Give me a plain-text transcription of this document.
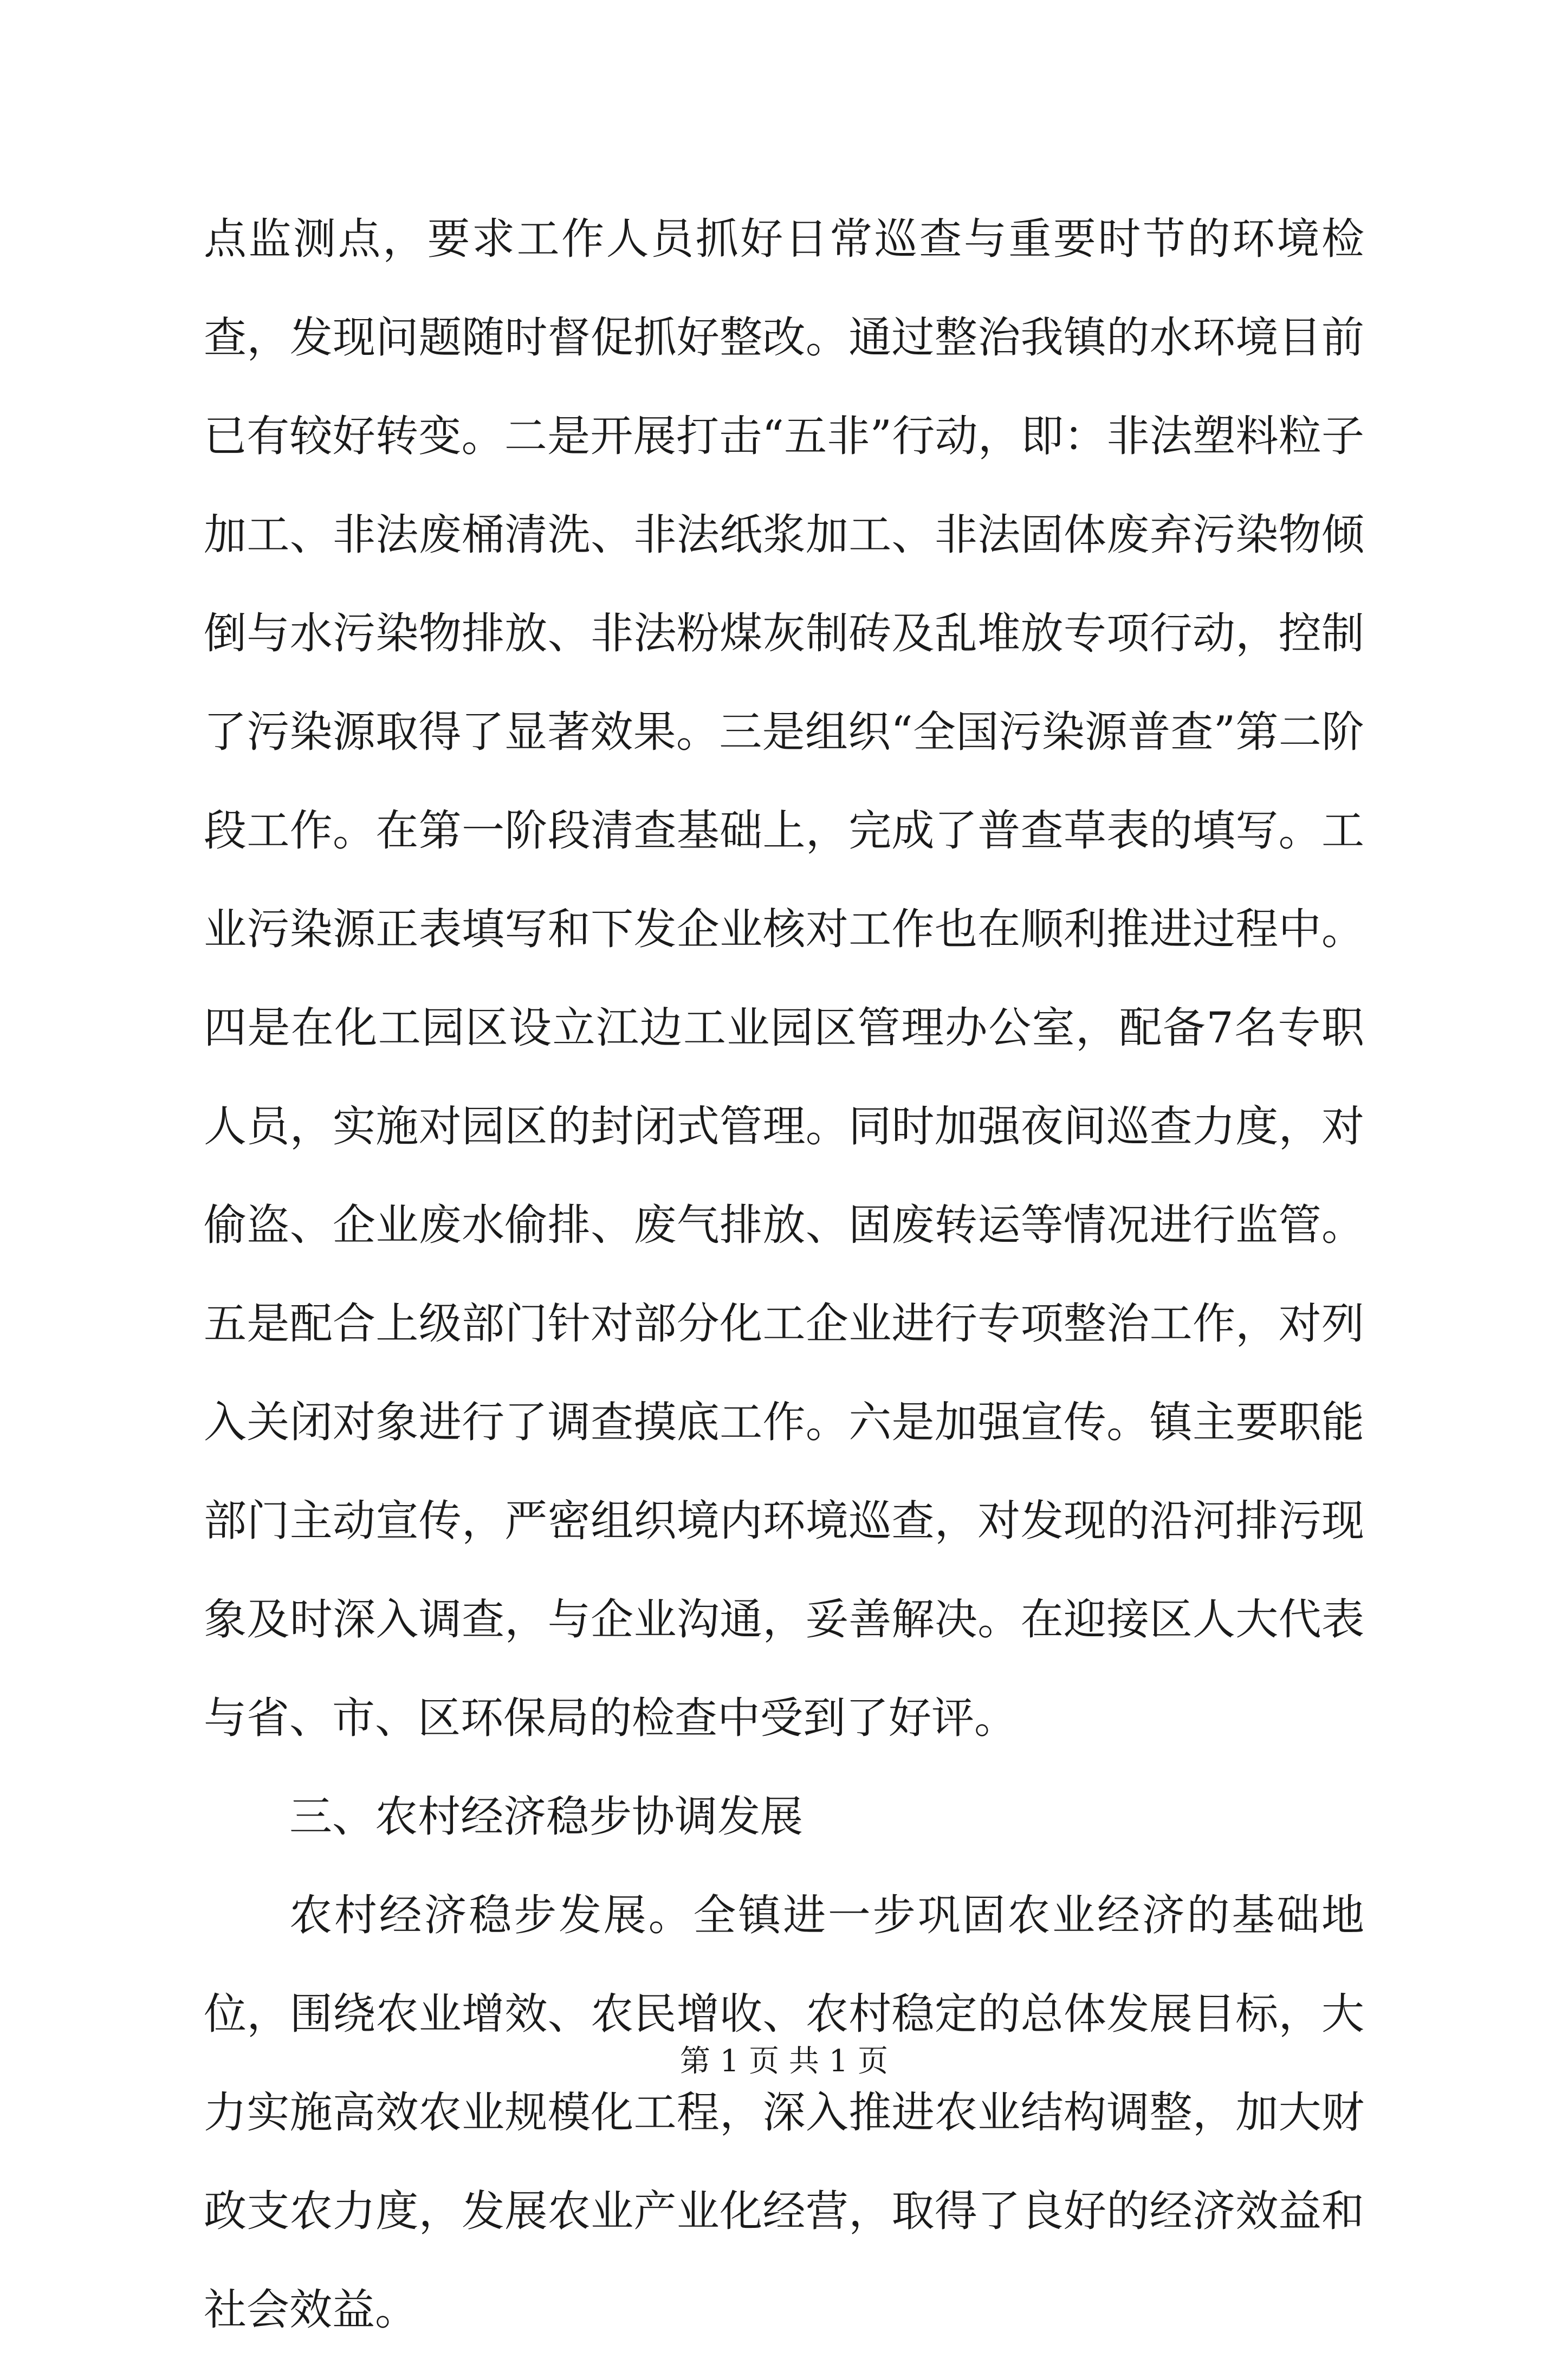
点监测点，要求工作人员抓好日常巡查与重要时节的环境检查，发现问题随时督促抓好整改。通过整治我镇的水环境目前已有较好转变。二是开展打击“五非”行动，即：非法塑料粒子加工、非法废桶清洗、非法纸浆加工、非法固体废弃污染物倾倒与水污染物排放、非法粉煤灰制砖及乱堆放专项行动，控制了污染源取得了显著效果。三是组织“全国污染源普查”第二阶段工作。在第一阶段清查基础上，完成了普查草表的填写。工业污染源正表填写和下发企业核对工作也在顺利推进过程中。四是在化工园区设立江边工业园区管理办公室，配备7名专职人员，实施对园区的封闭式管理。同时加强夜间巡查力度，对偷盗、企业废水偷排、废气排放、固废转运等情况进行监管。五是配合上级部门针对部分化工企业进行专项整治工作，对列入关闭对象进行了调查摸底工作。六是加强宣传。镇主要职能部门主动宣传，严密组织境内环境巡查，对发现的沿河排污现象及时深入调查，与企业沟通，妥善解决。在迎接区人大代表与省、市、区环保局的检查中受到了好评。

三、农村经济稳步协调发展

农村经济稳步发展。全镇进一步巩固农业经济的基础地位，围绕农业增效、农民增收、农村稳定的总体发展目标，大力实施高效农业规模化工程，深入推进农业结构调整，加大财政支农力度，发展农业产业化经营，取得了良好的经济效益和社会效益。

第 1 页 共 1 页
